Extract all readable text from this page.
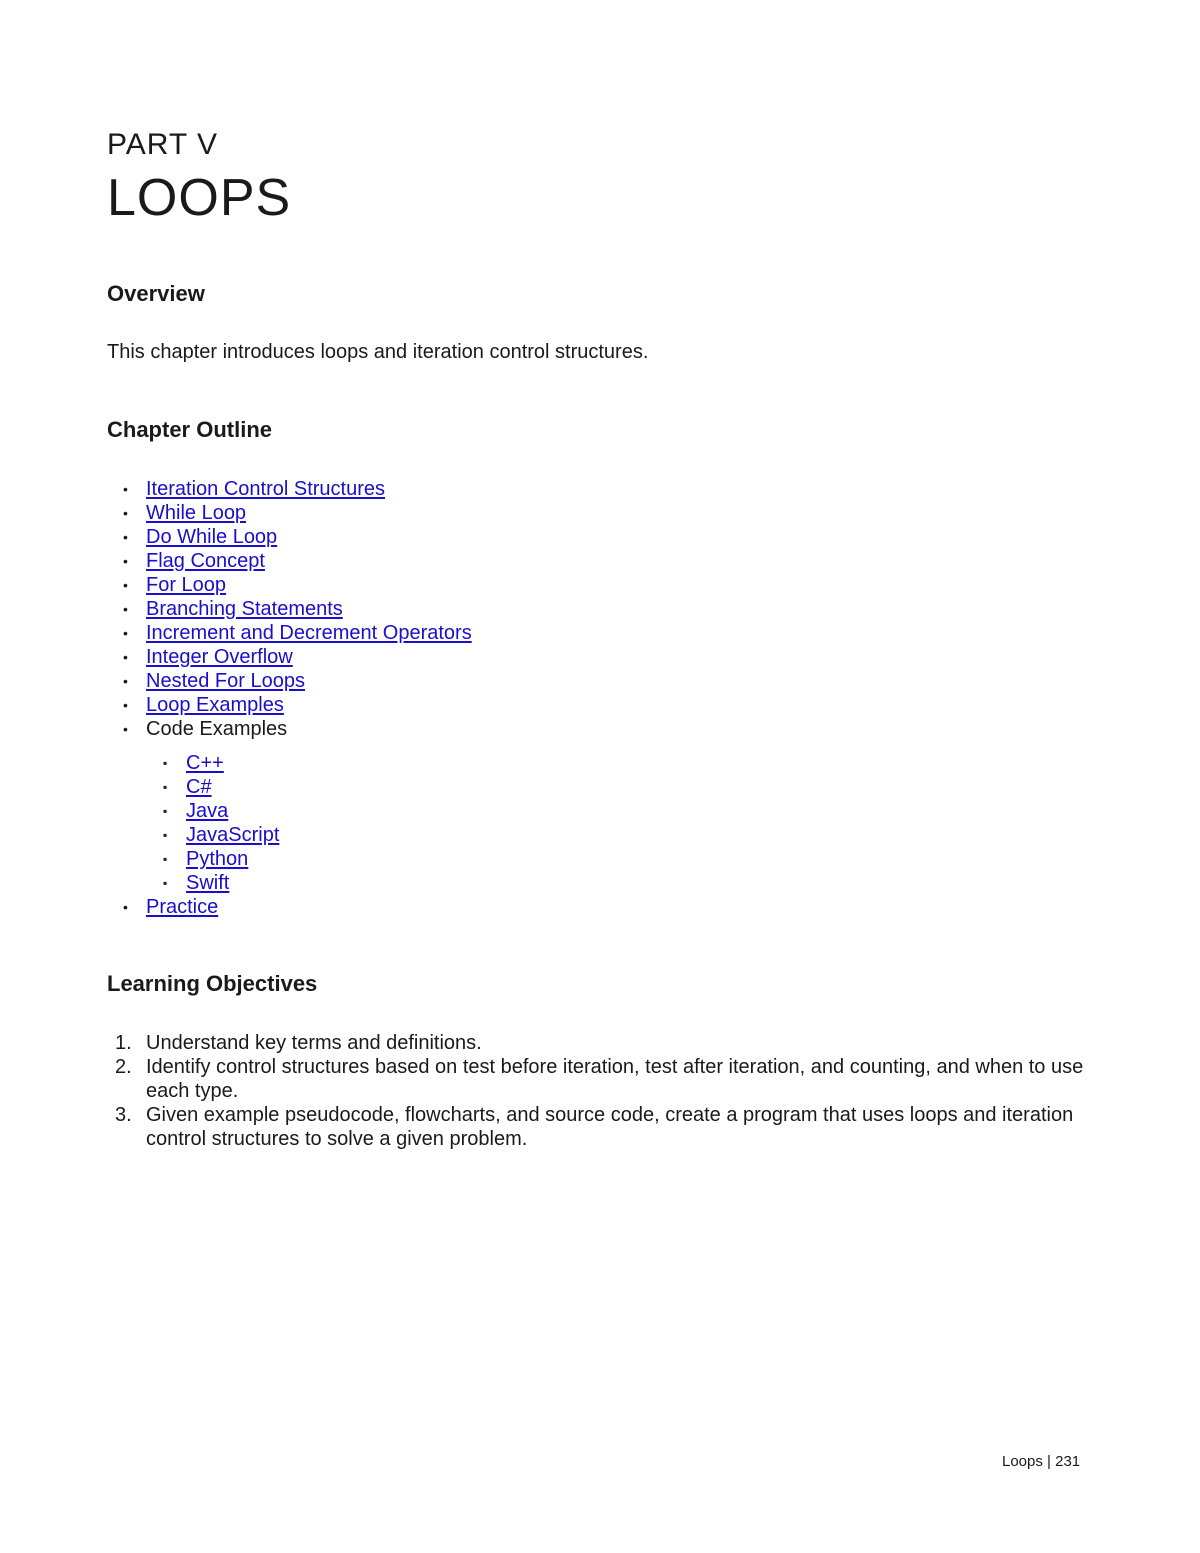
PART V
LOOPS
Overview
This chapter introduces loops and iteration control structures.
Chapter Outline
• Iteration Control Structures
• While Loop
• Do While Loop
• Flag Concept
• For Loop
• Branching Statements
• Increment and Decrement Operators
• Integer Overflow
• Nested For Loops
• Loop Examples
• Code Examples
▪ C++
▪ C#
▪ Java
▪ JavaScript
▪ Python
▪ Swift
• Practice
Learning Objectives
1. Understand key terms and definitions.
2. Identify control structures based on test before iteration, test after iteration, and counting, and when to use each type.
3. Given example pseudocode, flowcharts, and source code, create a program that uses loops and iteration control structures to solve a given problem.
Loops | 231
